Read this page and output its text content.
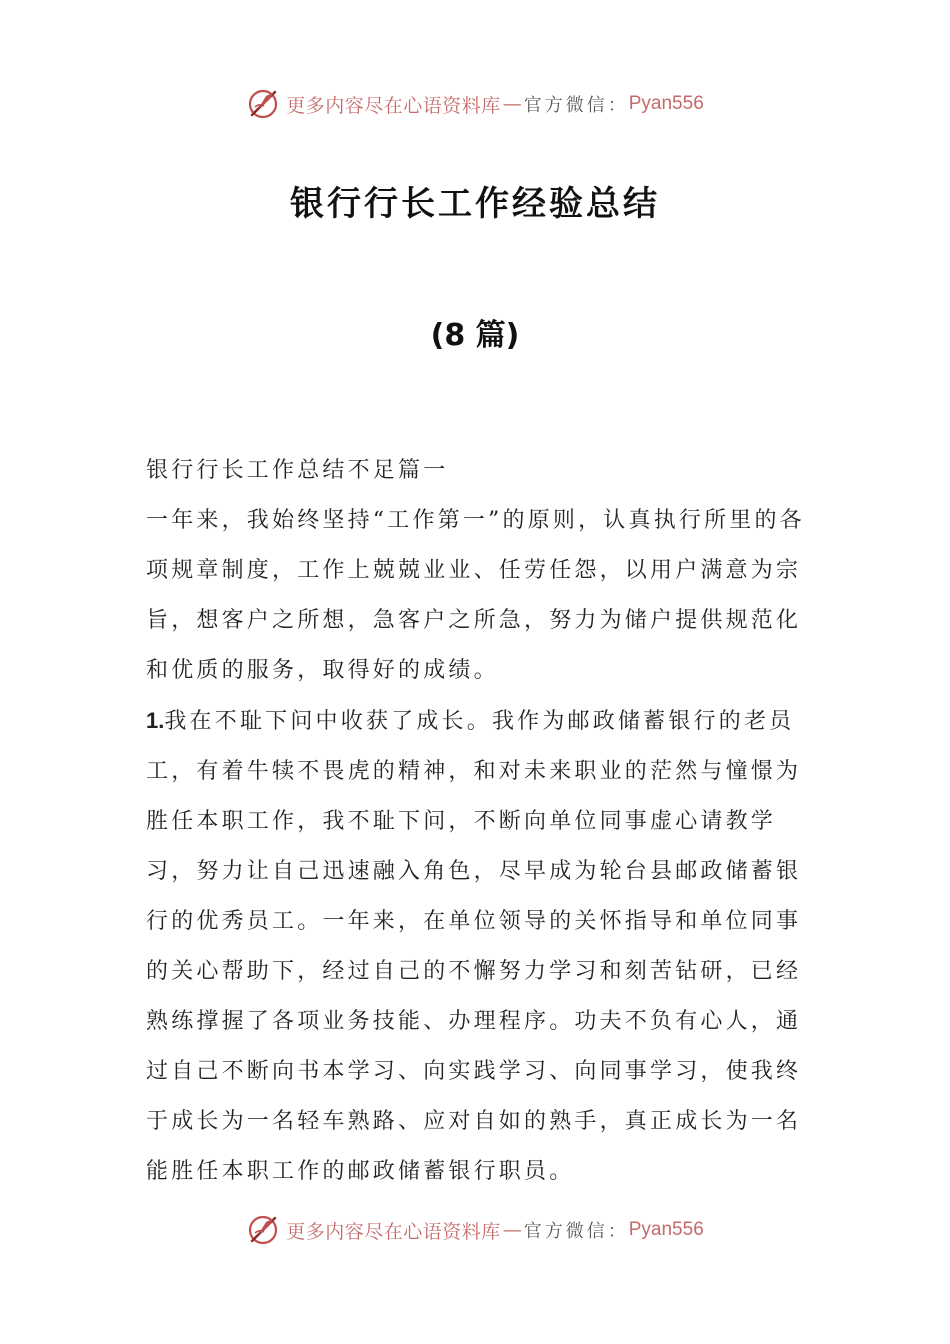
更多内容尽在心语资料库 — 官方微信： Pyan556
银行行长工作经验总结
(8 篇)

银行行长工作总结不足篇一

一年来，我始终坚持“工作第一”的原则，认真执行所里的各项规章制度，工作上兢兢业业、任劳任怨，以用户满意为宗旨，想客户之所想，急客户之所急，努力为储户提供规范化和优质的服务，取得好的成绩。

1.我在不耻下问中收获了成长。我作为邮政储蓄银行的老员工，有着牛犊不畏虎的精神，和对未来职业的茫然与憧憬为胜任本职工作，我不耻下问，不断向单位同事虚心请教学习，努力让自己迅速融入角色，尽早成为轮台县邮政储蓄银行的优秀员工。一年来，在单位领导的关怀指导和单位同事的关心帮助下，经过自己的不懈努力学习和刻苦钻研，已经熟练撑握了各项业务技能、办理程序。功夫不负有心人，通过自己不断向书本学习、向实践学习、向同事学习，使我终于成长为一名轻车熟路、应对自如的熟手，真正成长为一名能胜任本职工作的邮政储蓄银行职员。

更多内容尽在心语资料库 — 官方微信： Pyan556
